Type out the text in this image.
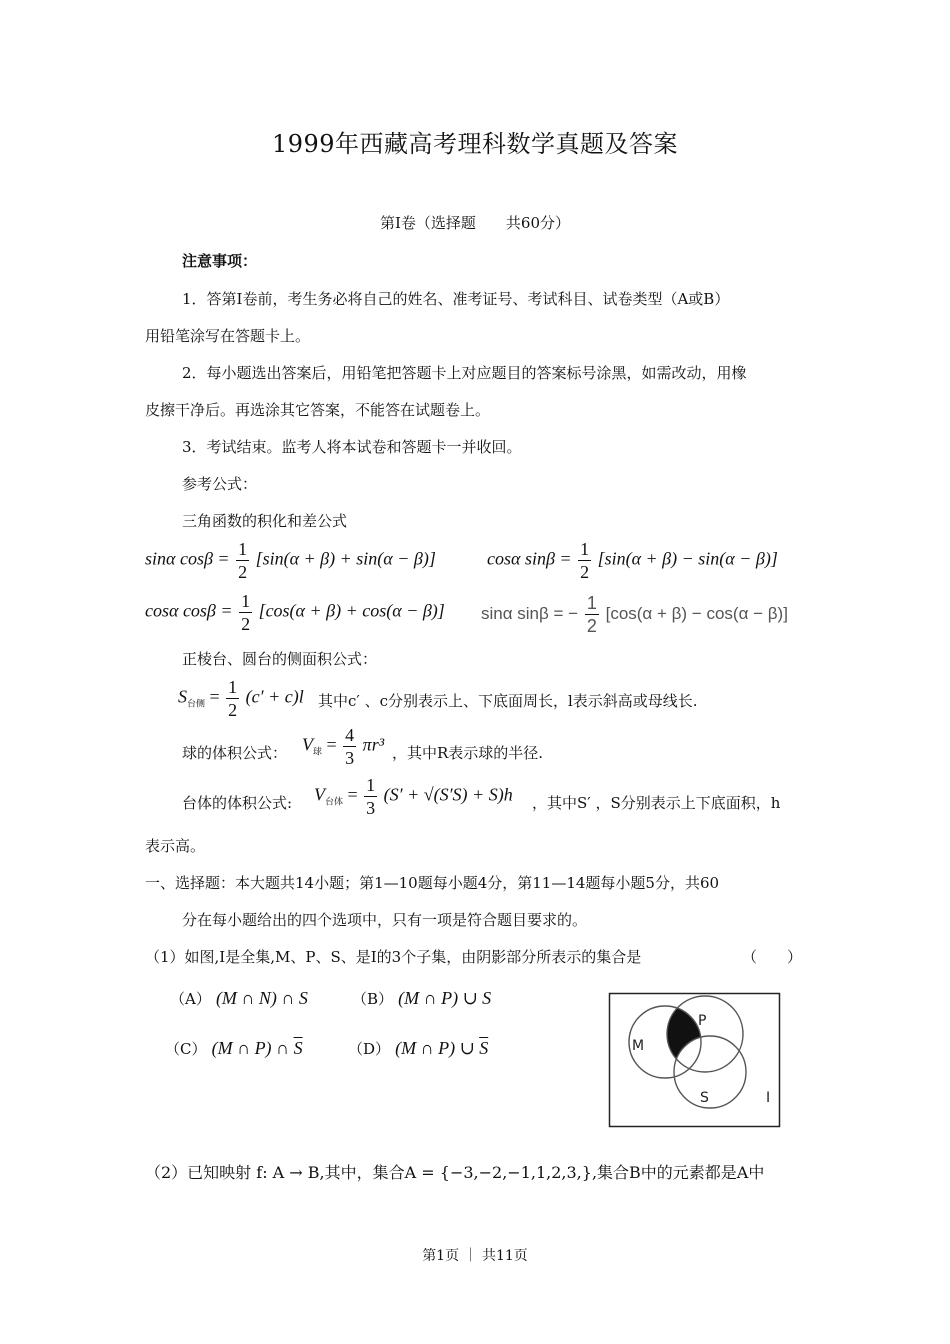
1999年西藏高考理科数学真题及答案
第Ⅰ卷（选择题　　共60分）
注意事项：
1．答第Ⅰ卷前，考生务必将自己的姓名、准考证号、考试科目、试卷类型（A或B）
用铅笔涂写在答题卡上。
2．每小题选出答案后，用铅笔把答题卡上对应题目的答案标号涂黑，如需改动，用橡
皮擦干净后。再选涂其它答案，不能答在试题卷上。
3．考试结束。监考人将本试卷和答题卡一并收回。
参考公式：
三角函数的积化和差公式
sinα $\cos\beta = \frac{1}{2} [\sin(\alpha + \beta) + \sin(\alpha - \beta)]$	cosα $\sin\beta = \frac{1}{2} [\sin(\alpha + \beta) - \sin(\alpha - \beta)]$
cosα $\cos\beta = \frac{1}{2} [\cos(\alpha + \beta) + \cos(\alpha - \beta)]$ sinα sinβ = − $\frac{1}{2} [\cos(\alpha + \beta) - \cos(\alpha - \beta)]$
正棱台、圆台的侧面积公式：
$S_{台侧} = \frac{1}{2} (c' + c)l$ 其中c′ 、c分别表示上、下底面周长，l表示斜高或母线长.
球的体积公式： $V_球 = \frac{4}{3} \pi r^3$ ，其中R表示球的半径.
台体的体积公式: $V_{台体} = \frac{1}{3} (S' + √(S'S) + S)h$ ，其中S′ ，S分别表示上下底面积，h
表示高。
一、选择题：本大题共14小题；第1—10题每小题4分，第11—14题每小题5分，共60
分在每小题给出的四个选项中，只有一项是符合题目要求的。
（1）如图,Ⅰ是全集,M、P、S、是Ⅰ的3个子集，由阴影部分所表示的集合是	（　　）
（A） (M ∩ N) ∩ S	（B） (M ∩ P) ∪ S
（C） (M ∩ P) ∩ $\overline{S}$	（D） (M ∩ P) ∪ $\overline{S}$	M
P
S	I
（2）已知映射 f: A → B,其中，集合A = {−3,−2,−1,1,2,3,},集合B中的元素都是A中
第1页 ｜ 共11页
